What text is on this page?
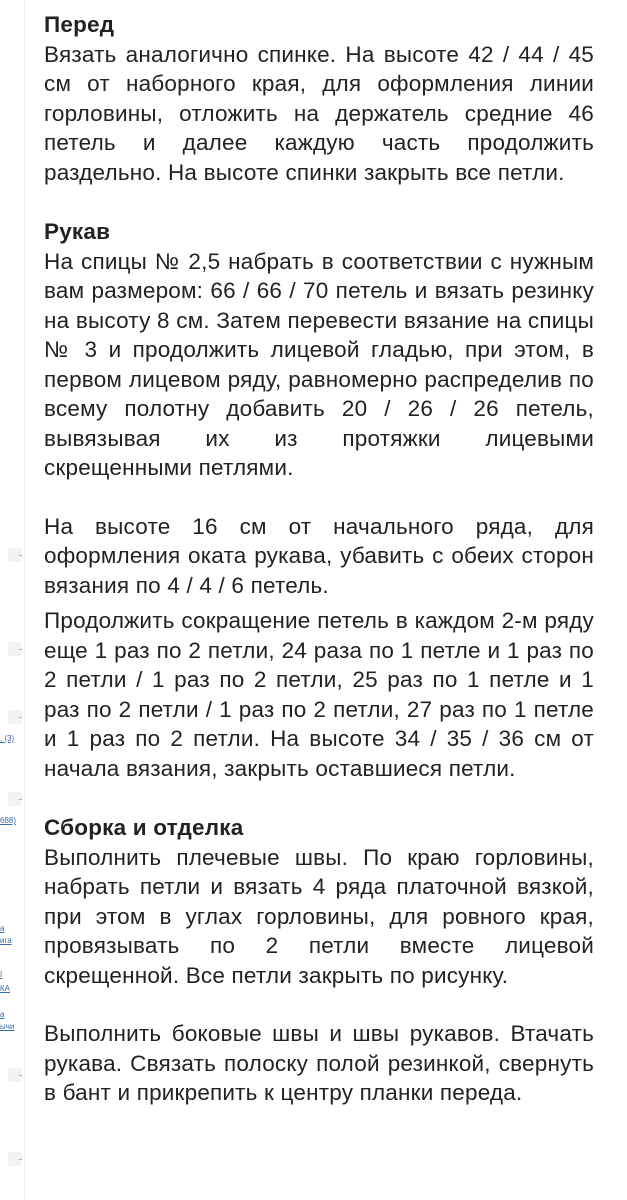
-
-
-
, (3)
-
688)
а
ига
I
КА
а
ычи
-
-
Перед

Вязать аналогично спинке. На высоте 42 / 44 / 45 см от наборного края, для оформления линии горловины, отложить на держатель средние 46 петель и далее каждую часть продолжить раздельно. На высоте спинки закрыть все петли.

Рукав

На спицы № 2,5 набрать в соответствии с нужным вам размером: 66 / 66 / 70 петель и вязать резинку на высоту 8 см. Затем перевести вязание на спицы № 3 и продолжить лицевой гладью, при этом, в первом лицевом ряду, равномерно распределив по всему полотну добавить 20 / 26 / 26 петель, вывязывая их из протяжки лицевыми скрещенными петлями.

На высоте 16 см от начального ряда, для оформления оката рукава, убавить с обеих сторон вязания по 4 / 4 / 6 петель.

Продолжить сокращение петель в каждом 2-м ряду еще 1 раз по 2 петли, 24 раза по 1 петле и 1 раз по 2 петли / 1 раз по 2 петли, 25 раз по 1 петле и 1 раз по 2 петли / 1 раз по 2 петли, 27 раз по 1 петле и 1 раз по 2 петли. На высоте 34 / 35 / 36 см от начала вязания, закрыть оставшиеся петли.

Сборка и отделка

Выполнить плечевые швы. По краю горловины, набрать петли и вязать 4 ряда платочной вязкой, при этом в углах горловины, для ровного края, провязывать по 2 петли вместе лицевой скрещенной. Все петли закрыть по рисунку.

Выполнить боковые швы и швы рукавов. Втачать рукава. Связать полоску полой резинкой, свернуть в бант и прикрепить к центру планки переда.
